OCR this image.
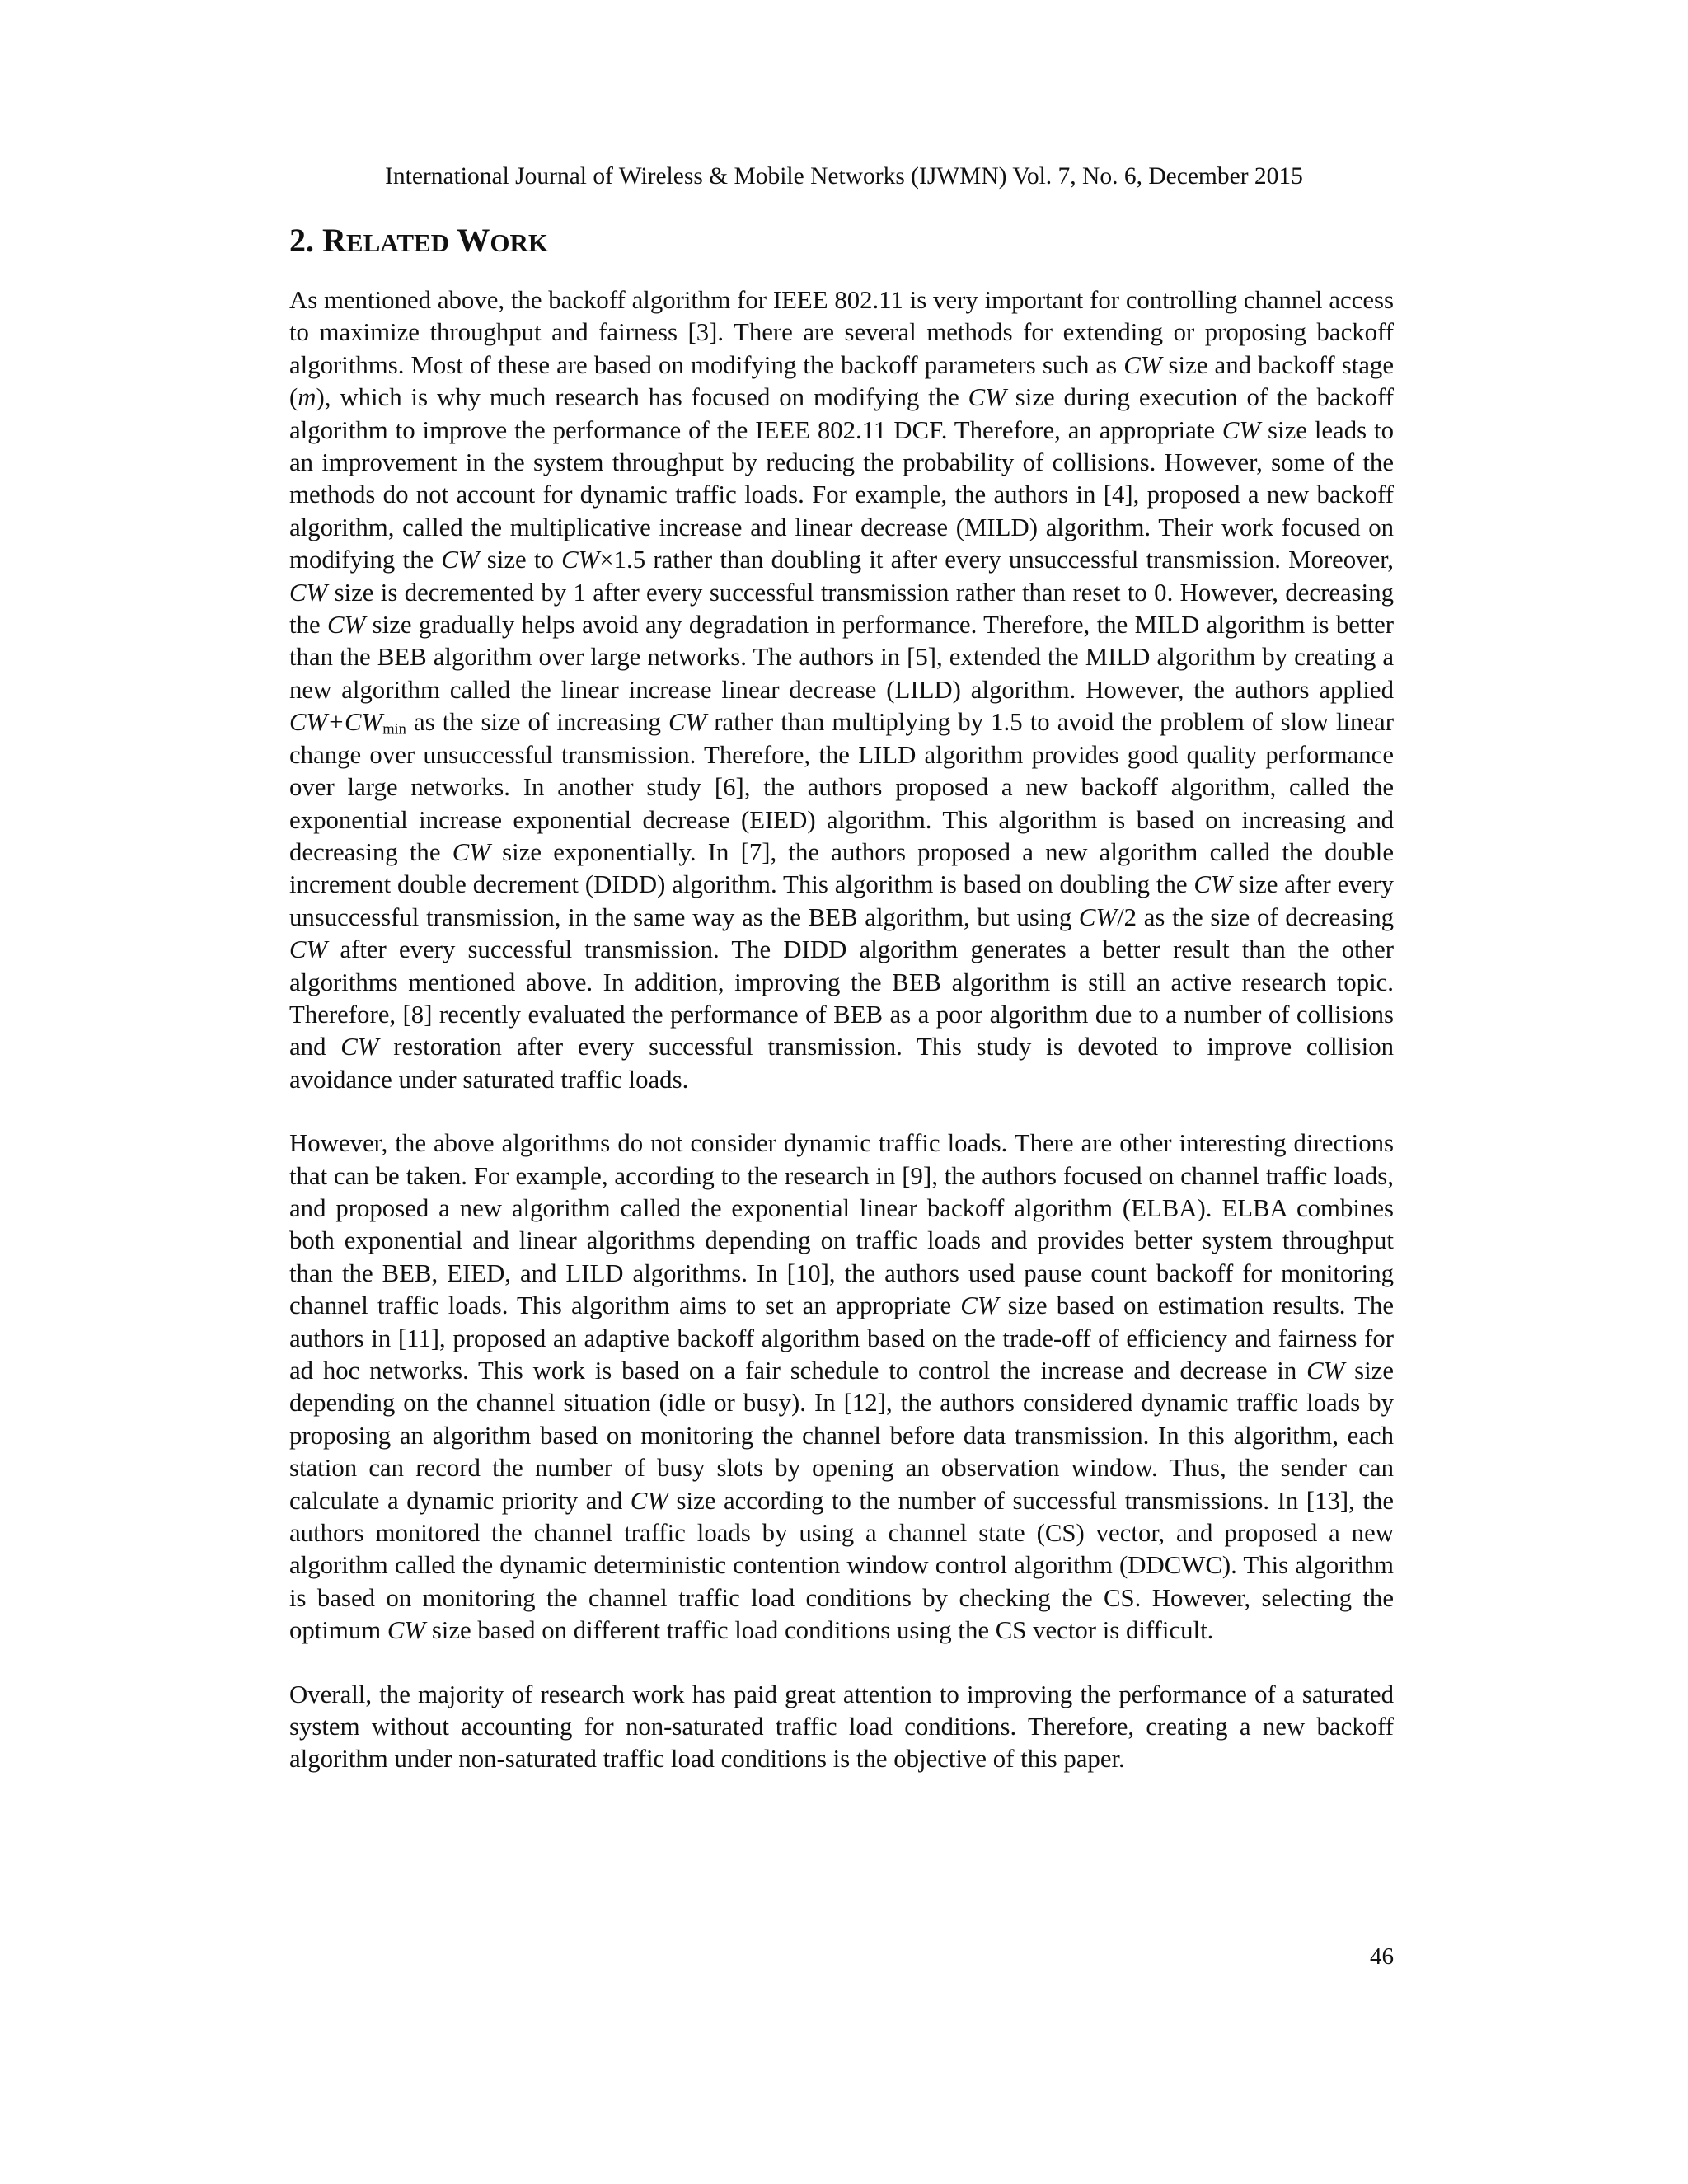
International Journal of Wireless & Mobile Networks (IJWMN) Vol. 7, No. 6, December 2015
2. RELATED WORK

As mentioned above, the backoff algorithm for IEEE 802.11 is very important for controlling channel access to maximize throughput and fairness [3]. There are several methods for extending or proposing backoff algorithms. Most of these are based on modifying the backoff parameters such as CW size and backoff stage (m), which is why much research has focused on modifying the CW size during execution of the backoff algorithm to improve the performance of the IEEE 802.11 DCF. Therefore, an appropriate CW size leads to an improvement in the system throughput by reducing the probability of collisions. However, some of the methods do not account for dynamic traffic loads. For example, the authors in [4], proposed a new backoff algorithm, called the multiplicative increase and linear decrease (MILD) algorithm. Their work focused on modifying the CW size to CW×1.5 rather than doubling it after every unsuccessful transmission. Moreover, CW size is decremented by 1 after every successful transmission rather than reset to 0. However, decreasing the CW size gradually helps avoid any degradation in performance. Therefore, the MILD algorithm is better than the BEB algorithm over large networks. The authors in [5], extended the MILD algorithm by creating a new algorithm called the linear increase linear decrease (LILD) algorithm. However, the authors applied $CW+CW_{min}$ as the size of increasing CW rather than multiplying by 1.5 to avoid the problem of slow linear change over unsuccessful transmission. Therefore, the LILD algorithm provides good quality performance over large networks. In another study [6], the authors proposed a new backoff algorithm, called the exponential increase exponential decrease (EIED) algorithm. This algorithm is based on increasing and decreasing the CW size exponentially. In [7], the authors proposed a new algorithm called the double increment double decrement (DIDD) algorithm. This algorithm is based on doubling the CW size after every unsuccessful transmission, in the same way as the BEB algorithm, but using CW/2 as the size of decreasing CW after every successful transmission. The DIDD algorithm generates a better result than the other algorithms mentioned above. In addition, improving the BEB algorithm is still an active research topic. Therefore, [8] recently evaluated the performance of BEB as a poor algorithm due to a number of collisions and CW restoration after every successful transmission. This study is devoted to improve collision avoidance under saturated traffic loads.

However, the above algorithms do not consider dynamic traffic loads. There are other interesting directions that can be taken. For example, according to the research in [9], the authors focused on channel traffic loads, and proposed a new algorithm called the exponential linear backoff algorithm (ELBA). ELBA combines both exponential and linear algorithms depending on traffic loads and provides better system throughput than the BEB, EIED, and LILD algorithms. In [10], the authors used pause count backoff for monitoring channel traffic loads. This algorithm aims to set an appropriate CW size based on estimation results. The authors in [11], proposed an adaptive backoff algorithm based on the trade-off of efficiency and fairness for ad hoc networks. This work is based on a fair schedule to control the increase and decrease in CW size depending on the channel situation (idle or busy). In [12], the authors considered dynamic traffic loads by proposing an algorithm based on monitoring the channel before data transmission. In this algorithm, each station can record the number of busy slots by opening an observation window. Thus, the sender can calculate a dynamic priority and CW size according to the number of successful transmissions. In [13], the authors monitored the channel traffic loads by using a channel state (CS) vector, and proposed a new algorithm called the dynamic deterministic contention window control algorithm (DDCWC). This algorithm is based on monitoring the channel traffic load conditions by checking the CS. However, selecting the optimum CW size based on different traffic load conditions using the CS vector is difficult.

Overall, the majority of research work has paid great attention to improving the performance of a saturated system without accounting for non-saturated traffic load conditions. Therefore, creating a new backoff algorithm under non-saturated traffic load conditions is the objective of this paper.

46
